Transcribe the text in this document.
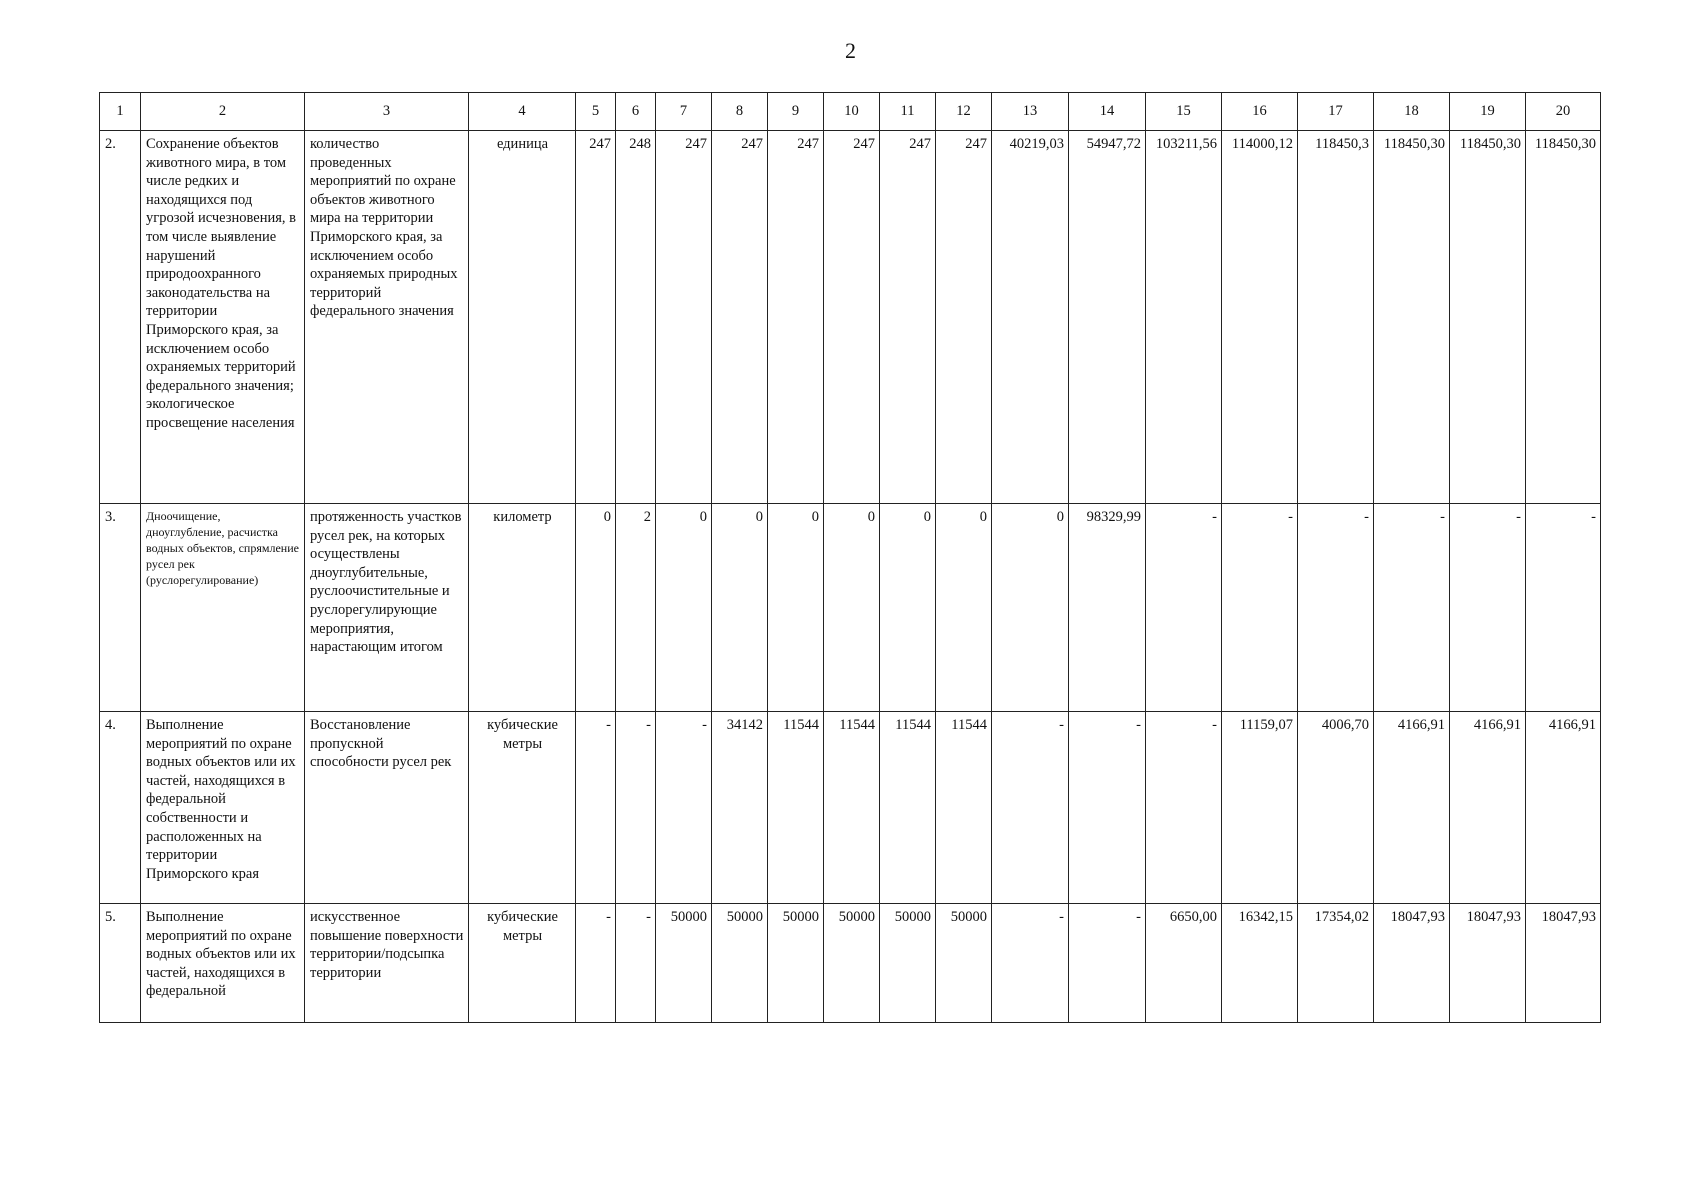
2
1	2	3	4	5	6	7	8	9	10	11	12	13	14	15	16	17	18	19	20
2.	Сохранение объектов животного мира, в том числе редких и находящихся под угрозой исчезновения, в том числе выявление нарушений природоохранного законодательства на территории Приморского края, за исключением особо охраняемых территорий федерального значения; экологическое просвещение населения	количество проведенных мероприятий по охране объектов животного мира на территории Приморского края, за исключением особо охраняемых природных территорий федерального значения	единица	247	248	247	247	247	247	247	247	40219,03	54947,72	103211,56	114000,12	118450,3	118450,30	118450,30	118450,30
3.	Дноочищение, дноуглубление, расчистка водных объектов, спрямление русел рек (руслорегулирование)	протяженность участков русел рек, на которых осуществлены дноуглубительные, руслоочистительные и руслорегулирующие мероприятия, нарастающим итогом	километр	0	2	0	0	0	0	0	0	0	98329,99	-	-	-	-	-	-
4.	Выполнение мероприятий по охране водных объектов или их частей, находящихся в федеральной собственности и расположенных на территории Приморского края	Восстановление пропускной способности русел рек	кубические метры	-	-	-	34142	11544	11544	11544	11544	-	-	-	11159,07	4006,70	4166,91	4166,91	4166,91
5.	Выполнение мероприятий по охране водных объектов или их частей, находящихся в федеральной	искусственное повышение поверхности территории/подсыпка территории	кубические метры	-	-	50000	50000	50000	50000	50000	50000	-	-	6650,00	16342,15	17354,02	18047,93	18047,93	18047,93
